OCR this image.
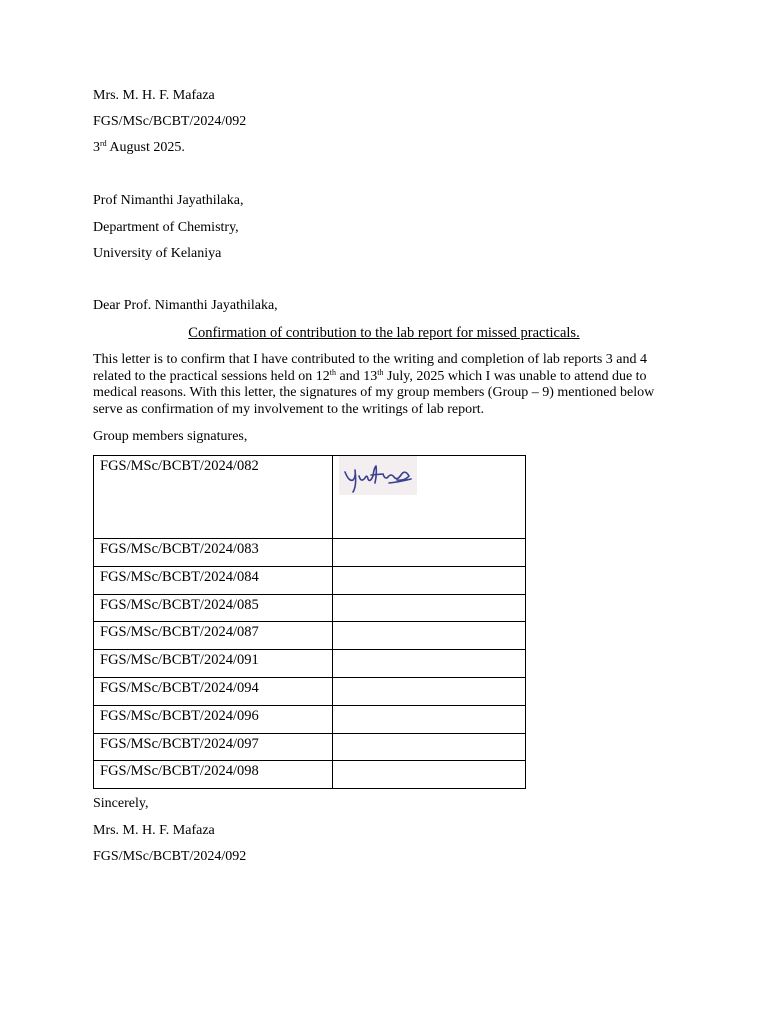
Mrs. M. H. F. Mafaza
FGS/MSc/BCBT/2024/092
3rd August 2025.
Prof Nimanthi Jayathilaka,
Department of Chemistry,
University of Kelaniya
Dear Prof. Nimanthi Jayathilaka,
Confirmation of contribution to the lab report for missed practicals.
This letter is to confirm that I have contributed to the writing and completion of lab reports 3 and 4 related to the practical sessions held on 12th and 13th July, 2025 which I was unable to attend due to medical reasons. With this letter, the signatures of my group members (Group – 9) mentioned below serve as confirmation of my involvement to the writings of lab report.
Group members signatures,
FGS/MSc/BCBT/2024/082	

FGS/MSc/BCBT/2024/083	
FGS/MSc/BCBT/2024/084	
FGS/MSc/BCBT/2024/085	
FGS/MSc/BCBT/2024/087	
FGS/MSc/BCBT/2024/091	
FGS/MSc/BCBT/2024/094	
FGS/MSc/BCBT/2024/096	
FGS/MSc/BCBT/2024/097	
FGS/MSc/BCBT/2024/098	
Sincerely,
Mrs. M. H. F. Mafaza
FGS/MSc/BCBT/2024/092
